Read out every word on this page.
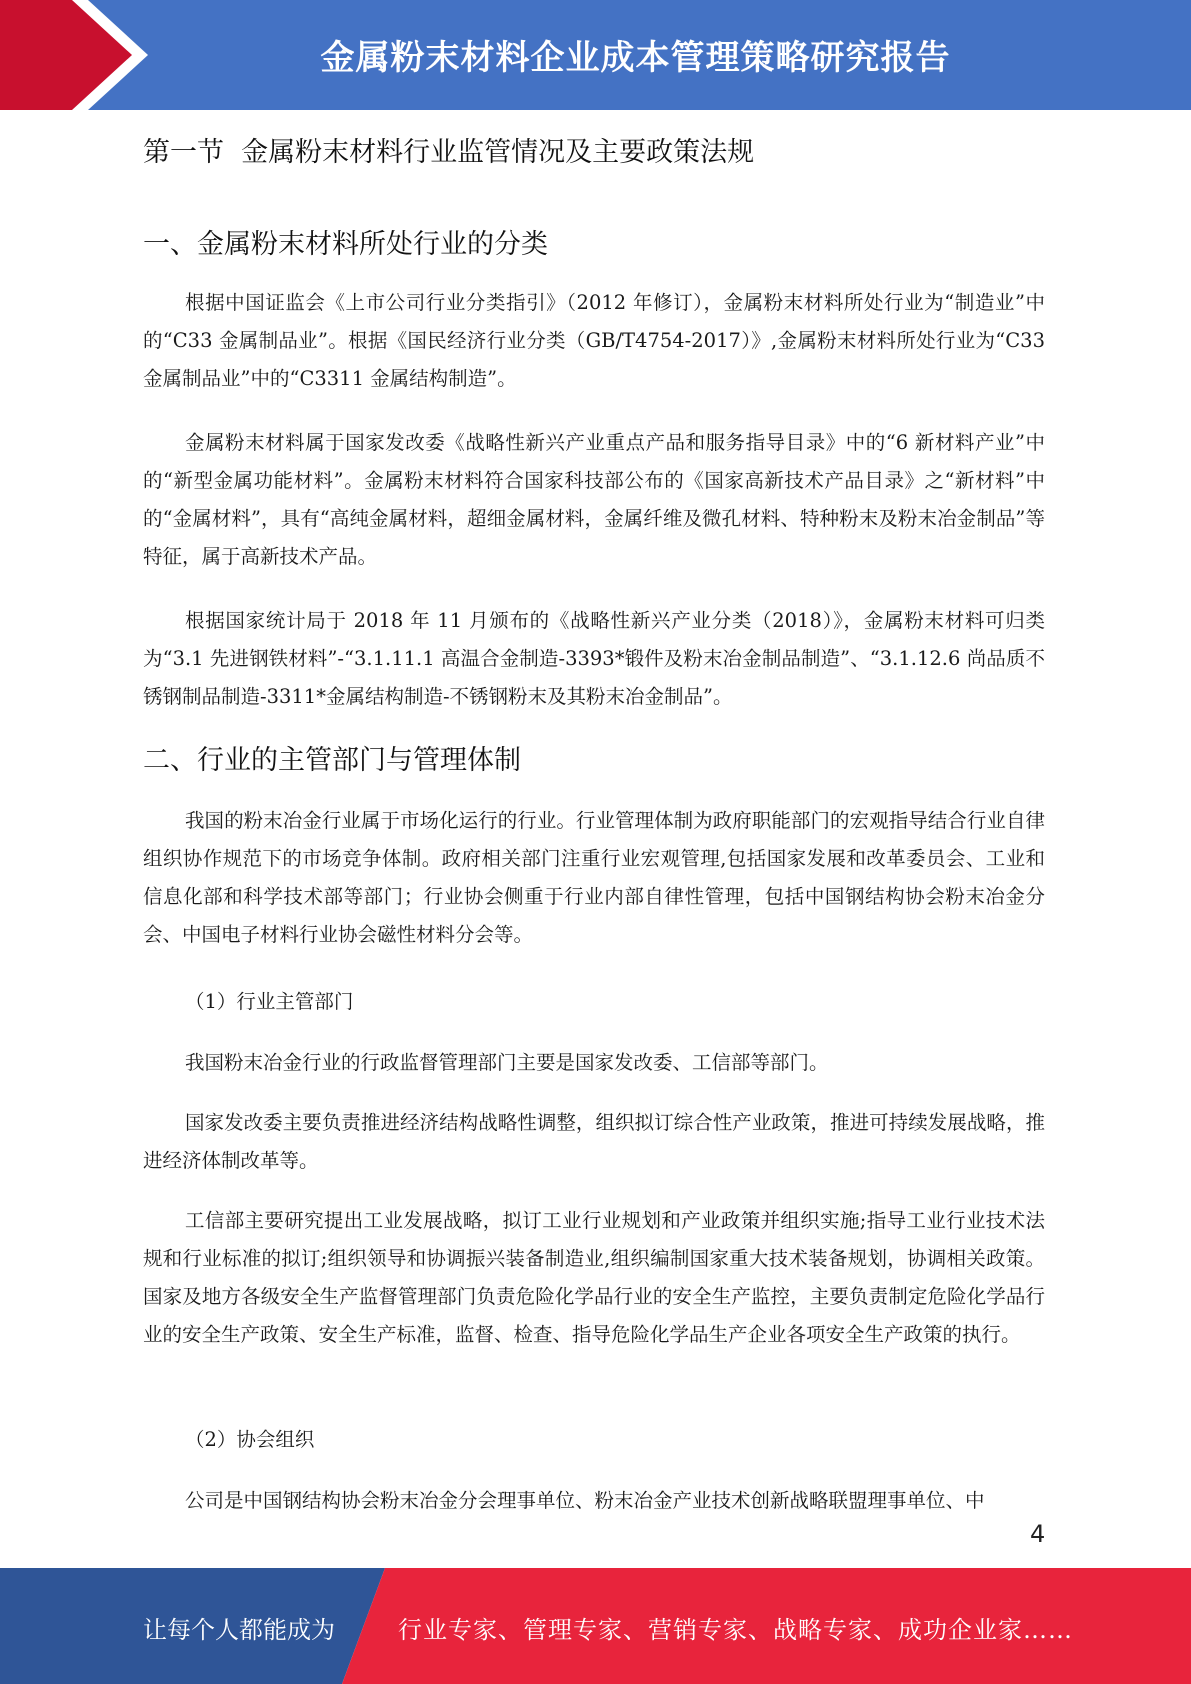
金属粉末材料企业成本管理策略研究报告
第一节  金属粉末材料行业监管情况及主要政策法规
一、金属粉末材料所处行业的分类

根据中国证监会《上市公司行业分类指引》（2012 年修订），金属粉末材料所处行业为“制造业”中的“C33 金属制品业”。根据《国民经济行业分类（GB/T4754-2017）》,金属粉末材料所处行业为“C33 金属制品业”中的“C3311 金属结构制造”。

金属粉末材料属于国家发改委《战略性新兴产业重点产品和服务指导目录》中的“6 新材料产业”中的“新型金属功能材料”。金属粉末材料符合国家科技部公布的《国家高新技术产品目录》之“新材料”中的“金属材料”，具有“高纯金属材料，超细金属材料，金属纤维及微孔材料、特种粉末及粉末冶金制品”等特征，属于高新技术产品。

根据国家统计局于 2018 年 11 月颁布的《战略性新兴产业分类（2018）》，金属粉末材料可归类为“3.1 先进钢铁材料”-“3.1.11.1 高温合金制造-3393*锻件及粉末冶金制品制造”、“3.1.12.6 尚品质不锈钢制品制造-3311*金属结构制造-不锈钢粉末及其粉末冶金制品”。

二、行业的主管部门与管理体制

我国的粉末冶金行业属于市场化运行的行业。行业管理体制为政府职能部门的宏观指导结合行业自律组织协作规范下的市场竞争体制。政府相关部门注重行业宏观管理,包括国家发展和改革委员会、工业和信息化部和科学技术部等部门；行业协会侧重于行业内部自律性管理，包括中国钢结构协会粉末冶金分会、中国电子材料行业协会磁性材料分会等。

（1）行业主管部门

我国粉末冶金行业的行政监督管理部门主要是国家发改委、工信部等部门。

国家发改委主要负责推进经济结构战略性调整，组织拟订综合性产业政策，推进可持续发展战略，推进经济体制改革等。

工信部主要研究提出工业发展战略，拟订工业行业规划和产业政策并组织实施;指导工业行业技术法规和行业标准的拟订;组织领导和协调振兴装备制造业,组织编制国家重大技术装备规划，协调相关政策。国家及地方各级安全生产监督管理部门负责危险化学品行业的安全生产监控，主要负责制定危险化学品行业的安全生产政策、安全生产标准，监督、检查、指导危险化学品生产企业各项安全生产政策的执行。

（2）协会组织

公司是中国钢结构协会粉末冶金分会理事单位、粉末冶金产业技术创新战略联盟理事单位、中

4
让每个人都能成为	行业专家、管理专家、营销专家、战略专家、成功企业家……
